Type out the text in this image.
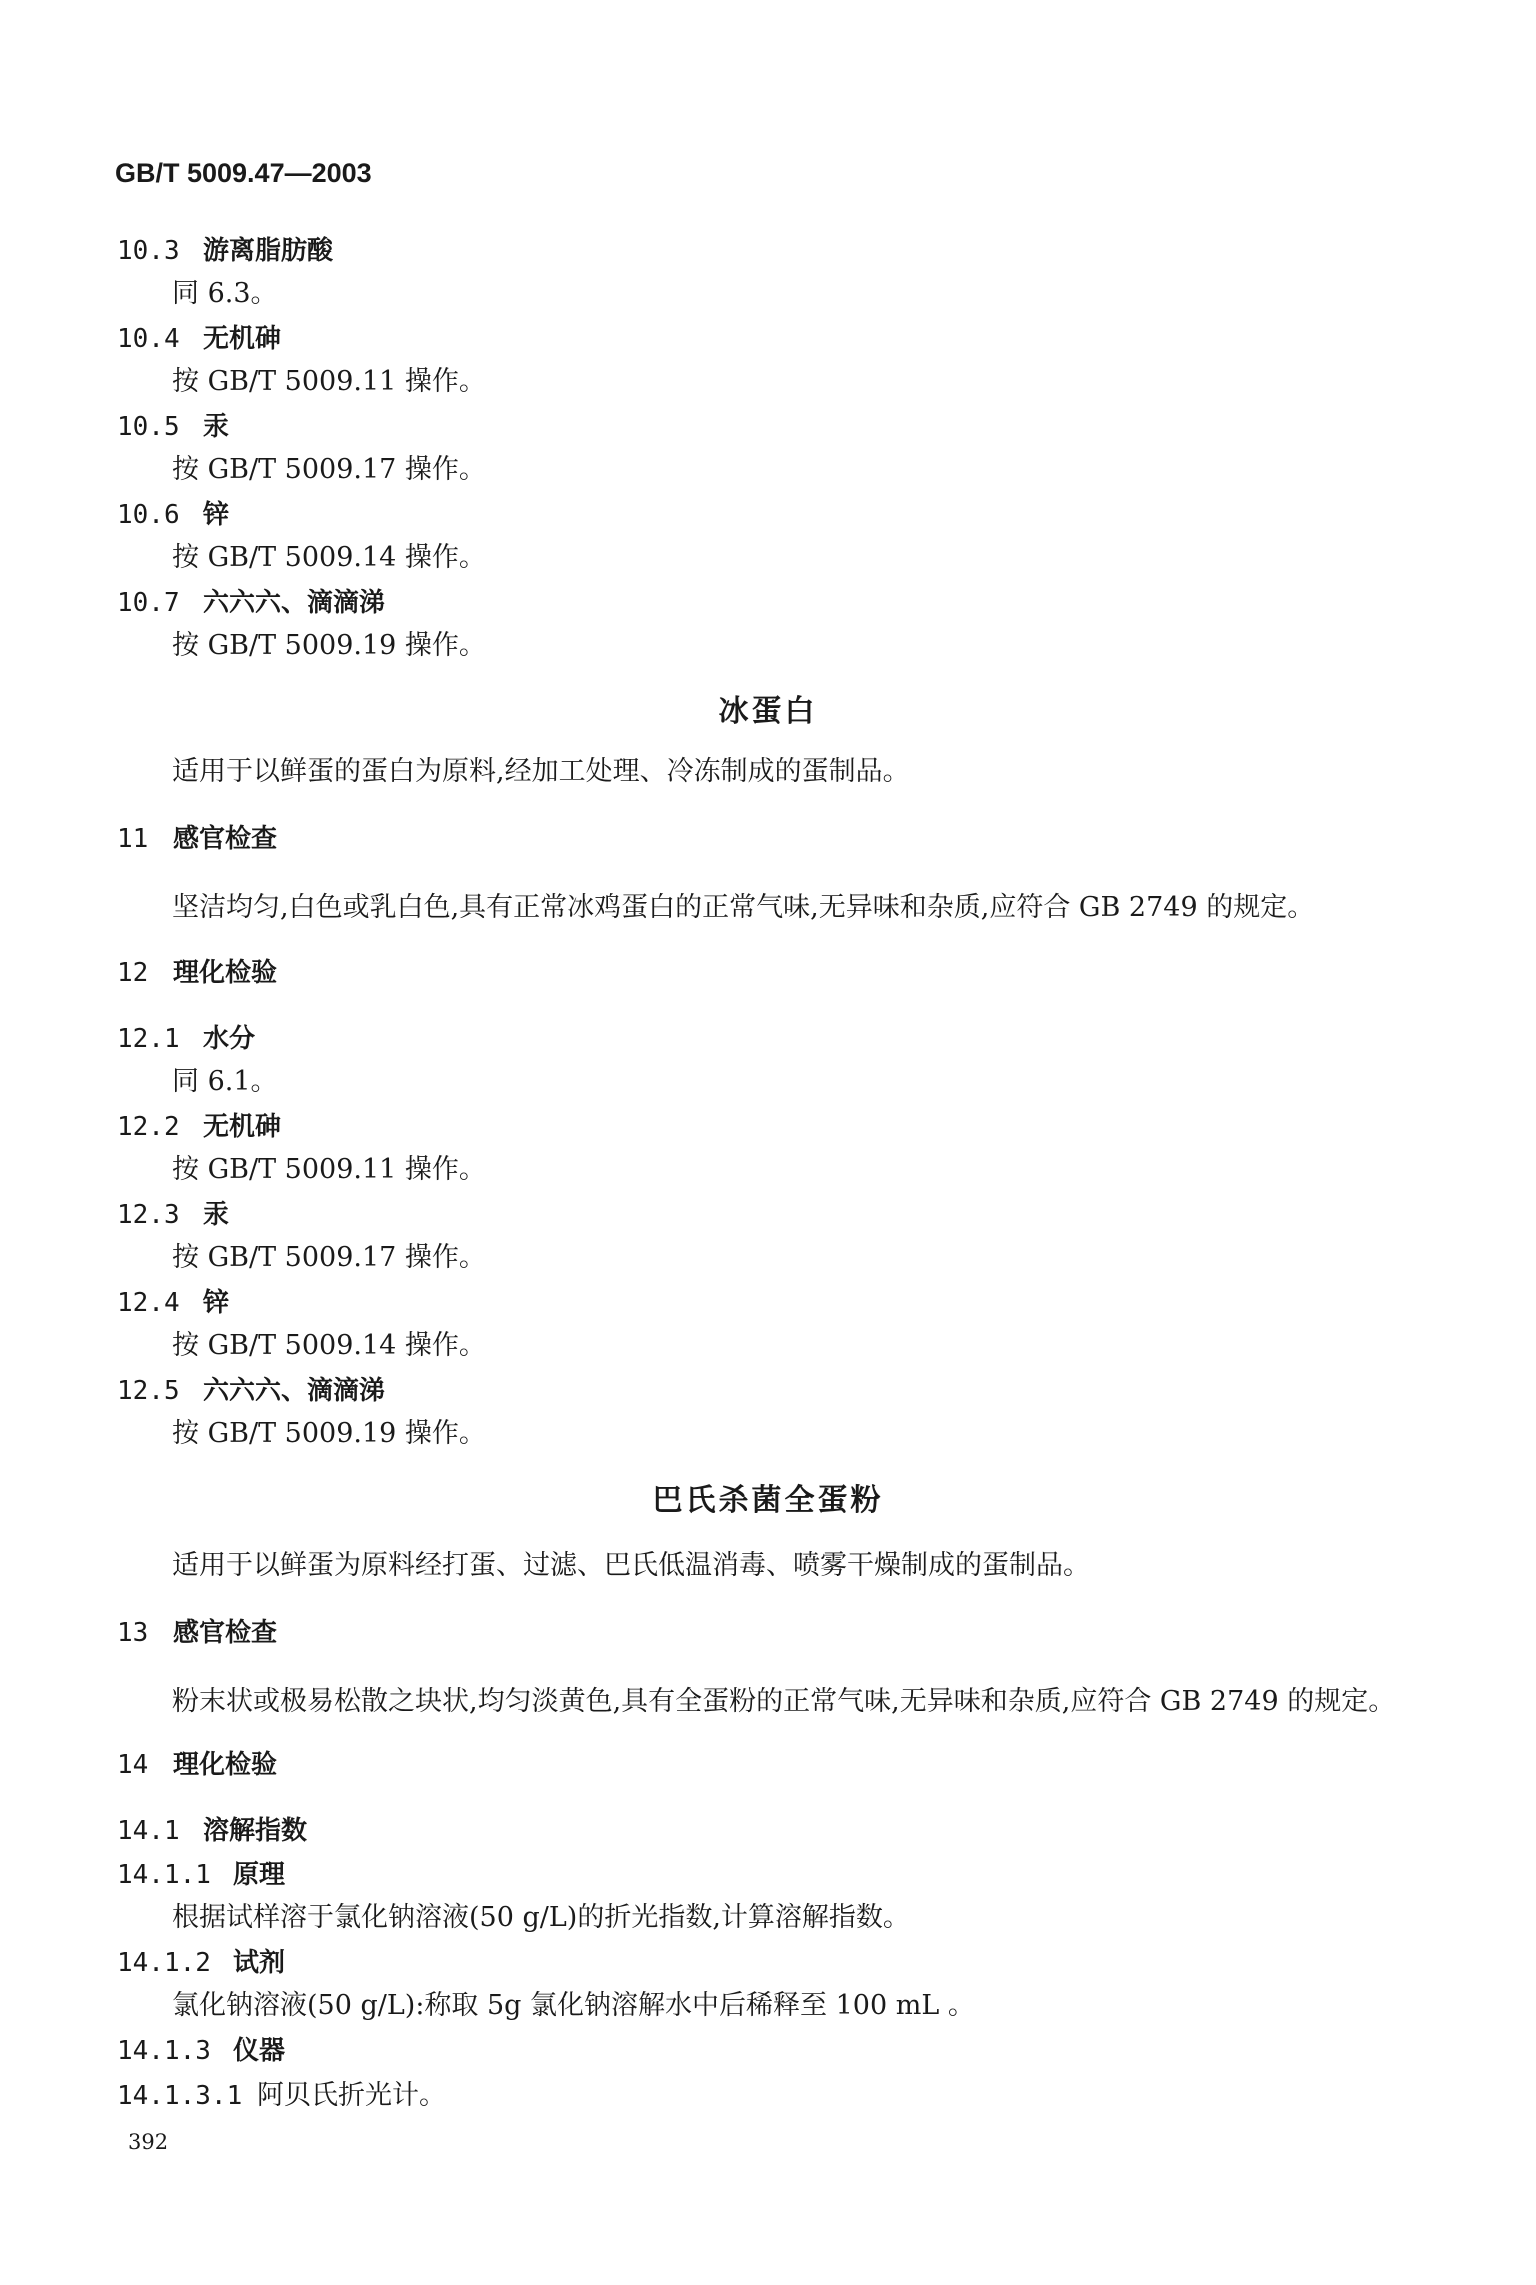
GB/T 5009.47—2003
10.3 游离脂肪酸
同 6.3。
10.4 无机砷
按 GB/T 5009.11 操作。
10.5 汞
按 GB/T 5009.17 操作。
10.6 锌
按 GB/T 5009.14 操作。
10.7 六六六、滴滴涕
按 GB/T 5009.19 操作。
冰蛋白
适用于以鲜蛋的蛋白为原料,经加工处理、冷冻制成的蛋制品。
11 感官检查
坚洁均匀,白色或乳白色,具有正常冰鸡蛋白的正常气味,无异味和杂质,应符合 GB 2749 的规定。
12 理化检验
12.1 水分
同 6.1。
12.2 无机砷
按 GB/T 5009.11 操作。
12.3 汞
按 GB/T 5009.17 操作。
12.4 锌
按 GB/T 5009.14 操作。
12.5 六六六、滴滴涕
按 GB/T 5009.19 操作。
巴氏杀菌全蛋粉
适用于以鲜蛋为原料经打蛋、过滤、巴氏低温消毒、喷雾干燥制成的蛋制品。
13 感官检查
粉末状或极易松散之块状,均匀淡黄色,具有全蛋粉的正常气味,无异味和杂质,应符合 GB 2749 的规定。
14 理化检验
14.1 溶解指数
14.1.1 原理
根据试样溶于氯化钠溶液(50 g/L)的折光指数,计算溶解指数。
14.1.2 试剂
氯化钠溶液(50 g/L):称取 5g 氯化钠溶解水中后稀释至 100 mL 。
14.1.3 仪器
14.1.3.1 阿贝氏折光计。
392
